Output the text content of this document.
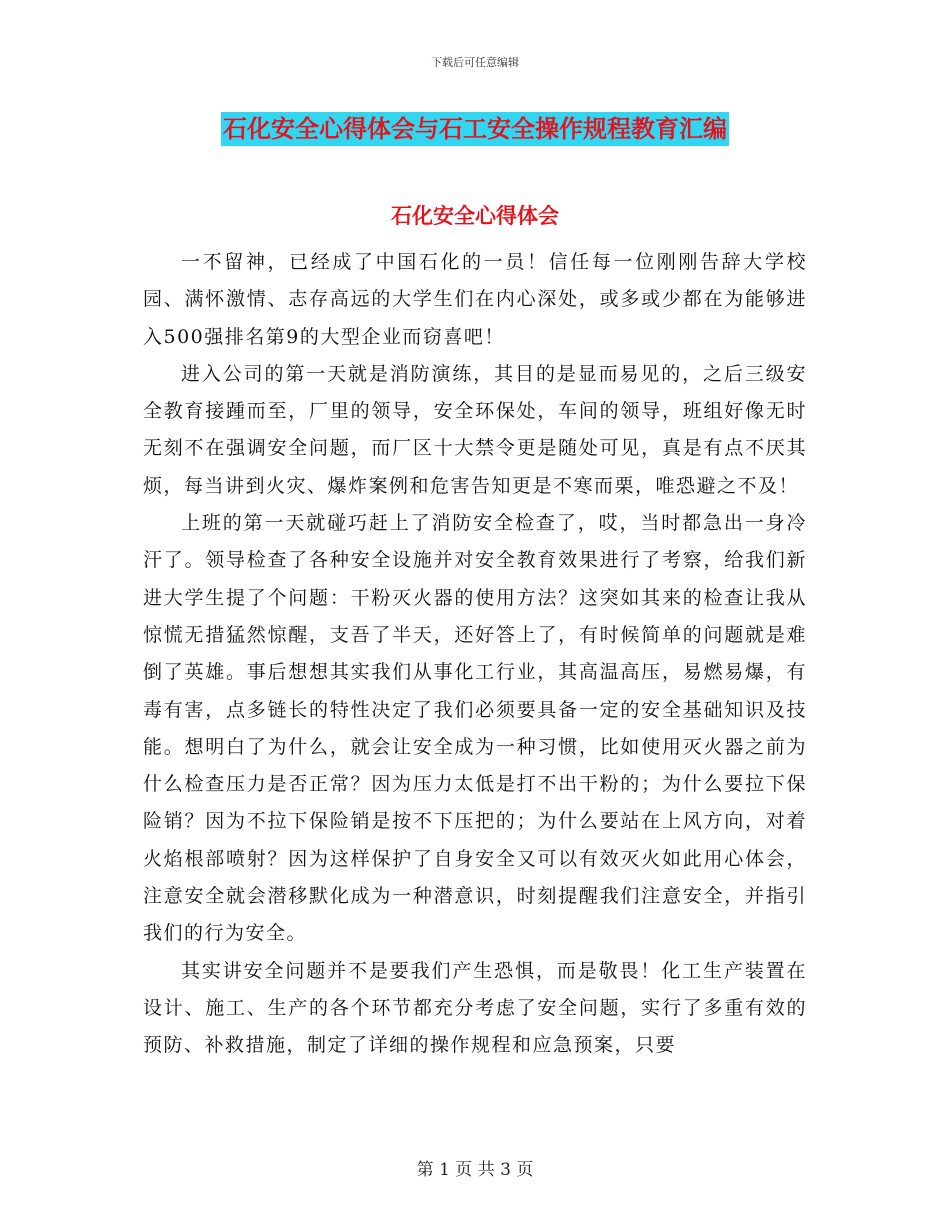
下载后可任意编辑
石化安全心得体会与石工安全操作规程教育汇编
石化安全心得体会

一不留神，已经成了中国石化的一员！信任每一位刚刚告辞大学校园、满怀激情、志存高远的大学生们在内心深处，或多或少都在为能够进入500强排名第9的大型企业而窃喜吧！

进入公司的第一天就是消防演练，其目的是显而易见的，之后三级安全教育接踵而至，厂里的领导，安全环保处，车间的领导，班组好像无时无刻不在强调安全问题，而厂区十大禁令更是随处可见，真是有点不厌其烦，每当讲到火灾、爆炸案例和危害告知更是不寒而栗，唯恐避之不及！

上班的第一天就碰巧赶上了消防安全检查了，哎，当时都急出一身冷汗了。领导检查了各种安全设施并对安全教育效果进行了考察，给我们新进大学生提了个问题：干粉灭火器的使用方法？这突如其来的检查让我从惊慌无措猛然惊醒，支吾了半天，还好答上了，有时候简单的问题就是难倒了英雄。事后想想其实我们从事化工行业，其高温高压，易燃易爆，有毒有害，点多链长的特性决定了我们必须要具备一定的安全基础知识及技能。想明白了为什么，就会让安全成为一种习惯，比如使用灭火器之前为什么检查压力是否正常？因为压力太低是打不出干粉的；为什么要拉下保险销？因为不拉下保险销是按不下压把的；为什么要站在上风方向，对着火焰根部喷射？因为这样保护了自身安全又可以有效灭火如此用心体会，注意安全就会潜移默化成为一种潜意识，时刻提醒我们注意安全，并指引我们的行为安全。

其实讲安全问题并不是要我们产生恐惧，而是敬畏！化工生产装置在设计、施工、生产的各个环节都充分考虑了安全问题，实行了多重有效的预防、补救措施，制定了详细的操作规程和应急预案，只要

第 1 页 共 3 页
